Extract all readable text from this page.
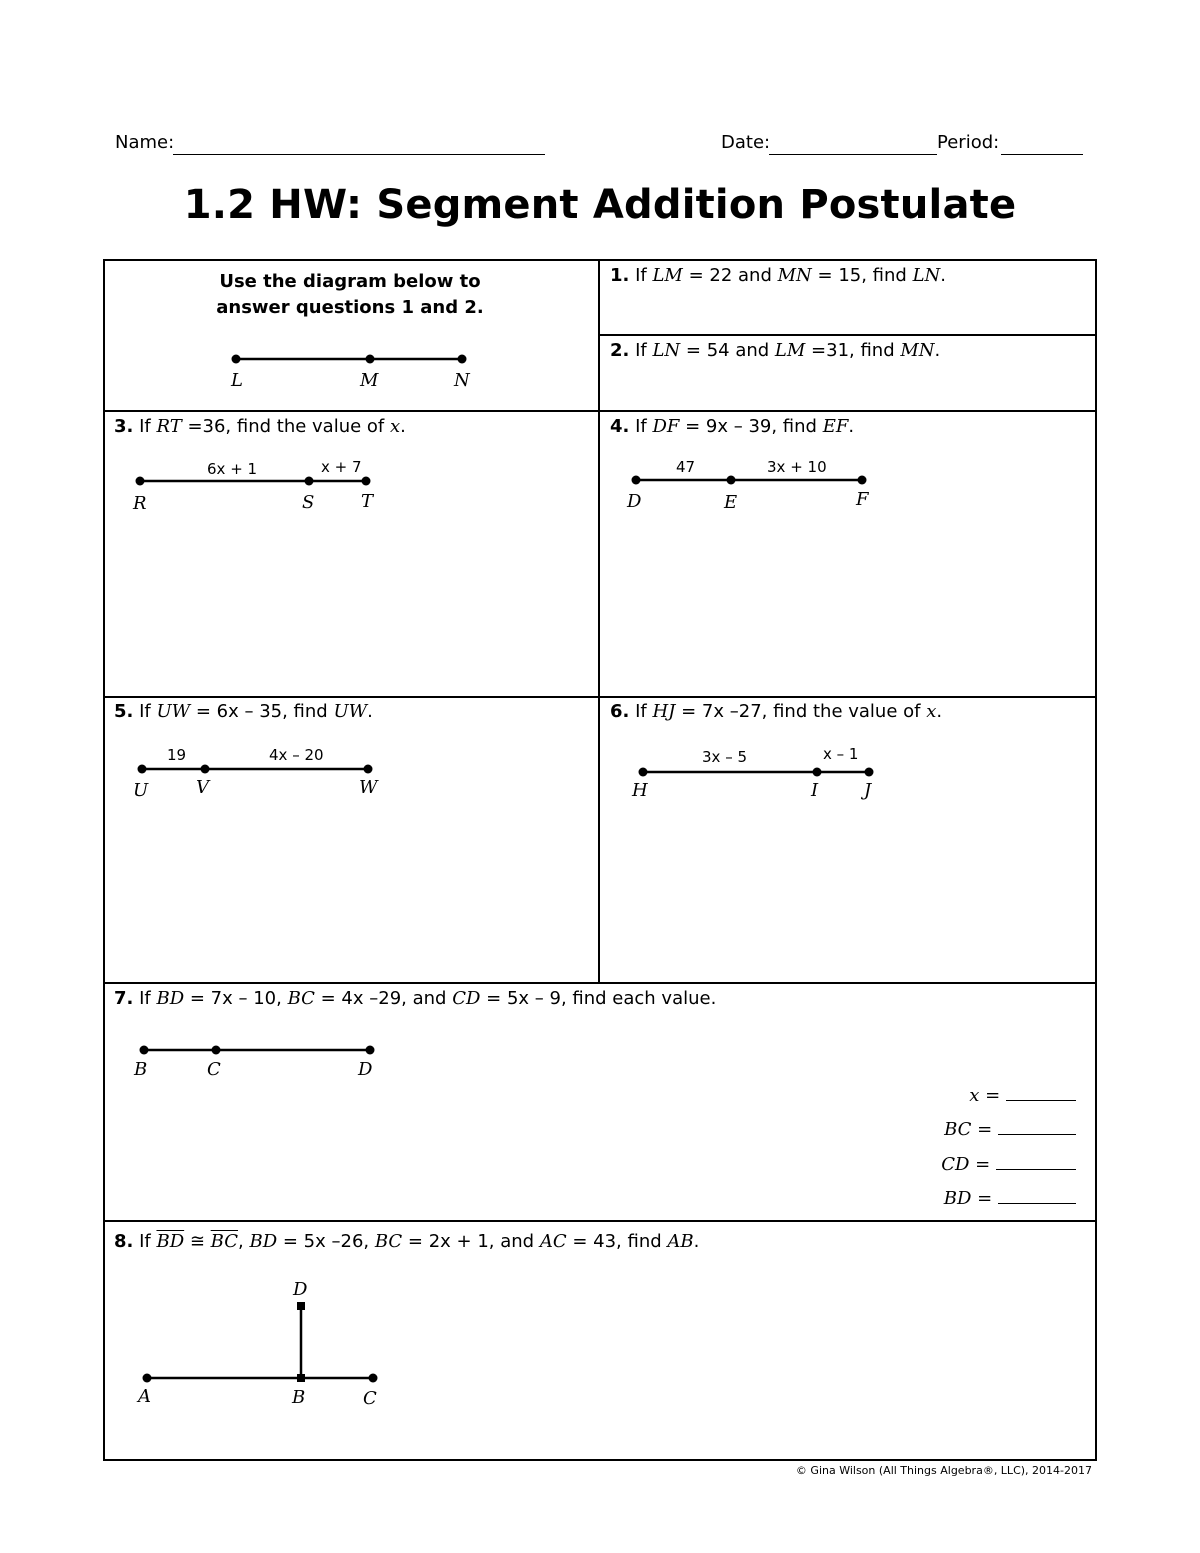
Name:	Date:	Period:
1.2 HW: Segment Addition Postulate
Use the diagram below to
answer questions 1 and 2.
1. If LM = 22 and MN = 15, find LN.
2. If LN = 54 and LM =31, find MN.
3. If RT =36, find the value of x.	4. If DF = 9x – 39, find EF.
5. If UW = 6x – 35, find UW.	6. If HJ = 7x –27, find the value of x.
7. If BD = 7x – 10, BC = 4x –29, and CD = 5x – 9, find each value.
x =
BC =
CD =
BD =
8. If $\overline{BD}$ ≅ $\overline{BC}$, BD = 5x –26, BC = 2x + 1, and AC = 43, find AB.
L	M	N
6x + 1	x + 7
R	S	T
47	3x + 10
D	E	F
19	4x – 20
U	V	W
3x – 5	x – 1
H	I	J
B	C	D
A	B	C
D
© Gina Wilson (All Things Algebra®, LLC), 2014-2017
